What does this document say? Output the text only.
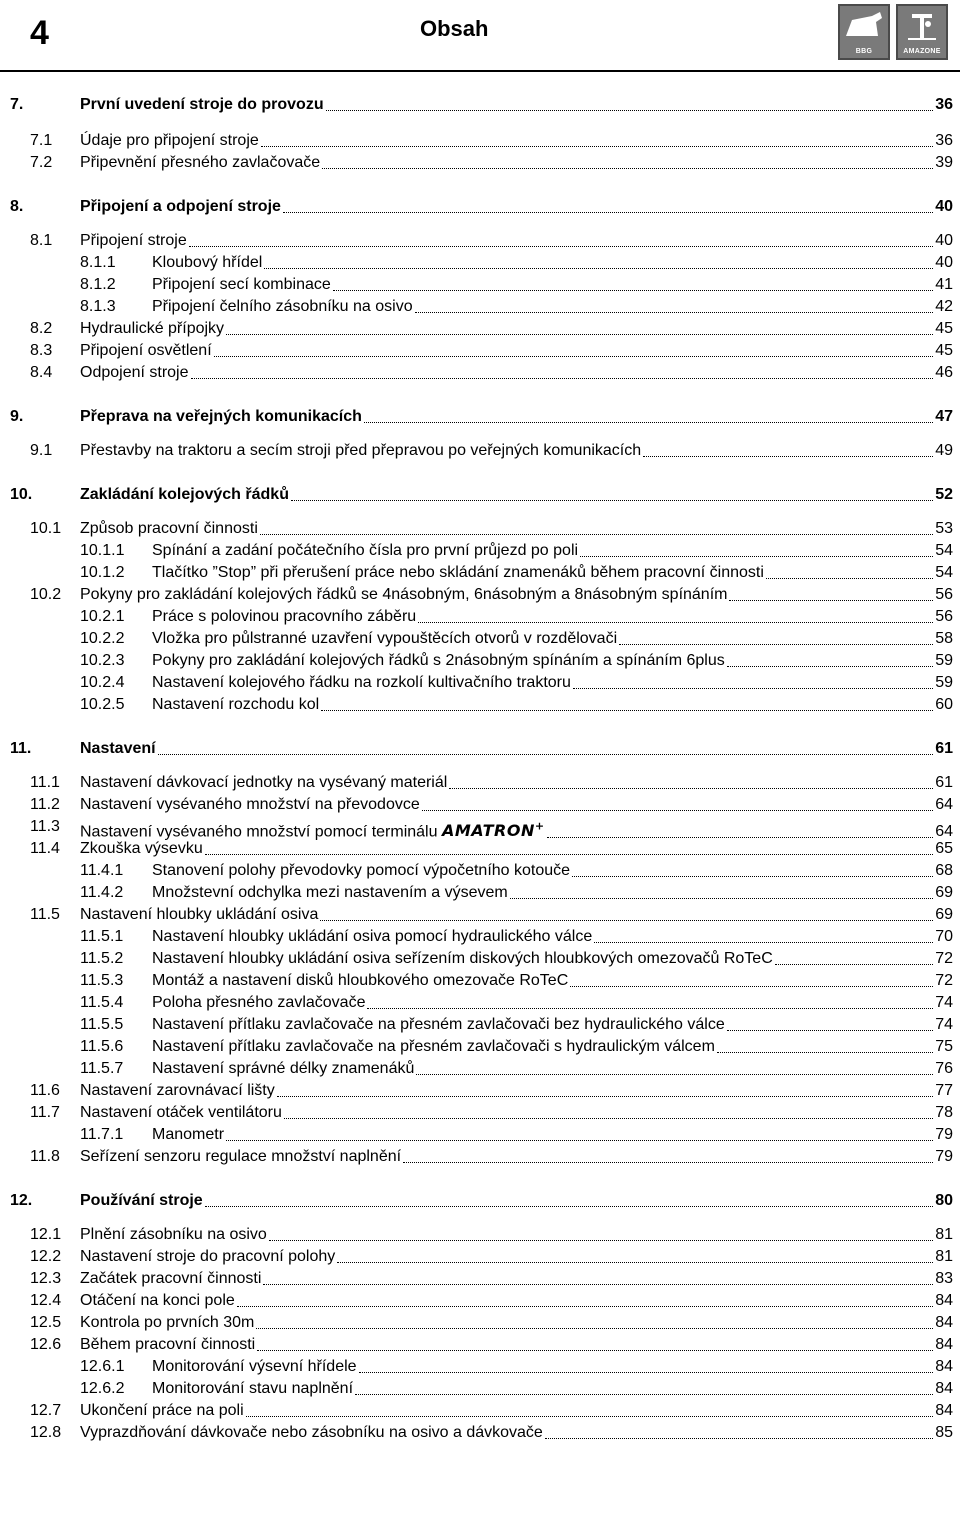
4	Obsah
BBG	AMAZONE
7.	První uvedení stroje do provozu	36
7.1 Údaje pro připojení stroje	36
7.2 Připevnění přesného zavlačovače	39
8.	Připojení a odpojení stroje	40
8.1 Připojení stroje	40
8.1.1 Kloubový hřídel	40
8.1.2 Připojení secí kombinace	41
8.1.3 Připojení čelního zásobníku na osivo	42
8.2 Hydraulické přípojky	45
8.3 Připojení osvětlení	45
8.4 Odpojení stroje	46
9.	Přeprava na veřejných komunikacích	47
9.1 Přestavby na traktoru a secím stroji před přepravou po veřejných komunikacích	49
10.	Zakládání kolejových řádků	52
10.1 Způsob pracovní činnosti	53
10.1.1 Spínání a zadání počátečního čísla pro první průjezd po poli	54
10.1.2 Tlačítko ”Stop” při přerušení práce nebo skládání znamenáků během pracovní činnosti	54
10.2 Pokyny pro zakládání kolejových řádků se 4násobným, 6násobným a 8násobným spínáním	56
10.2.1 Práce s polovinou pracovního záběru	56
10.2.2 Vložka pro půlstranné uzavření vypouštěcích otvorů v rozdělovači	58
10.2.3 Pokyny pro zakládání kolejových řádků s 2násobným spínáním a spínáním 6plus	59
10.2.4 Nastavení kolejového řádku na rozkolí kultivačního traktoru	59
10.2.5 Nastavení rozchodu kol	60
11.	Nastavení	61
11.1 Nastavení dávkovací jednotky na vysévaný materiál	61
11.2 Nastavení vysévaného množství na převodovce	64
11.3 Nastavení vysévaného množství pomocí terminálu AMATRON+	64
11.4 Zkouška výsevku	65
11.4.1 Stanovení polohy převodovky pomocí výpočetního kotouče	68
11.4.2 Množstevní odchylka mezi nastavením a výsevem	69
11.5 Nastavení hloubky ukládání osiva	69
11.5.1 Nastavení hloubky ukládání osiva pomocí hydraulického válce	70
11.5.2 Nastavení hloubky ukládání osiva seřízením diskových hloubkových omezovačů RoTeC	72
11.5.3 Montáž a nastavení disků hloubkového omezovače RoTeC	72
11.5.4 Poloha přesného zavlačovače	74
11.5.5 Nastavení přítlaku zavlačovače na přesném zavlačovači bez hydraulického válce	74
11.5.6 Nastavení přítlaku zavlačovače na přesném zavlačovači s hydraulickým válcem	75
11.5.7 Nastavení správné délky znamenáků	76
11.6 Nastavení zarovnávací lišty	77
11.7 Nastavení otáček ventilátoru	78
11.7.1 Manometr	79
11.8 Seřízení senzoru regulace množství naplnění	79
12.	Používání stroje	80
12.1 Plnění zásobníku na osivo	81
12.2 Nastavení stroje do pracovní polohy	81
12.3 Začátek pracovní činnosti	83
12.4 Otáčení na konci pole	84
12.5 Kontrola po prvních 30m	84
12.6 Během pracovní činnosti	84
12.6.1 Monitorování výsevní hřídele	84
12.6.2 Monitorování stavu naplnění	84
12.7 Ukončení práce na poli	84
12.8 Vyprazdňování dávkovače nebo zásobníku na osivo a dávkovače	85
